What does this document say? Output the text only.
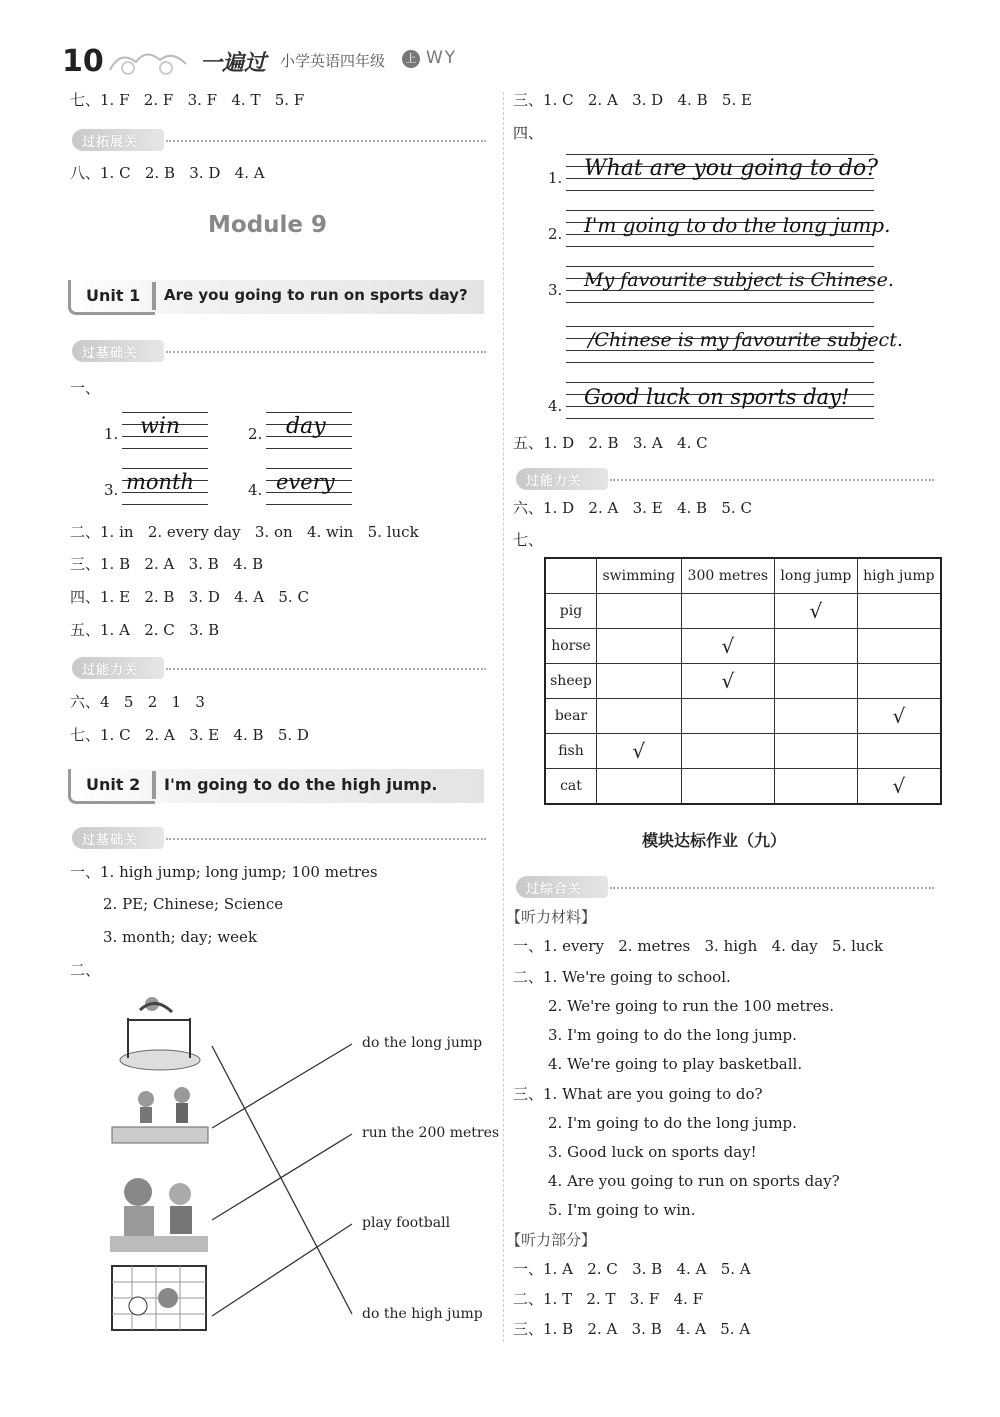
10	一遍过 小学英语四年级	上 WY
七、1. F   2. F   3. F   4. T   5. F
过拓展关
八、1. C   2. B   3. D   4. A
Module 9
Unit 1 Are you going to run on sports day?
过基础关
一、
1. win	2. day
3. month	4. every
二、1. in   2. every day   3. on   4. win   5. luck
三、1. B   2. A   3. B   4. B
四、1. E   2. B   3. D   4. A   5. C
五、1. A   2. C   3. B
过能力关
六、4   5   2   1   3
七、1. C   2. A   3. E   4. B   5. D
Unit 2 I'm going to do the high jump.
过基础关
一、1. high jump; long jump; 100 metres
2. PE; Chinese; Science
3. month; day; week
二、
do the long jump
run the 200 metres
play football
do the high jump
三、1. C   2. A   3. D   4. B   5. E
四、
1. What are you going to do?
2. I'm going to do the long jump.
3. My favourite subject is Chinese.
/Chinese is my favourite subject.
4. Good luck on sports day!
五、1. D   2. B   3. A   4. C
过能力关
六、1. D   2. A   3. E   4. B   5. C
七、
	swimming	300 metres	long jump	high jump
pig			√	
horse		√		
sheep		√		
bear				√
fish	√			
cat				√
模块达标作业（九）
过综合关
【听力材料】
一、1. every   2. metres   3. high   4. day   5. luck
二、1. We're going to school.
2. We're going to run the 100 metres.
3. I'm going to do the long jump.
4. We're going to play basketball.
三、1. What are you going to do?
2. I'm going to do the long jump.
3. Good luck on sports day!
4. Are you going to run on sports day?
5. I'm going to win.
【听力部分】
一、1. A   2. C   3. B   4. A   5. A
二、1. T   2. T   3. F   4. F
三、1. B   2. A   3. B   4. A   5. A
